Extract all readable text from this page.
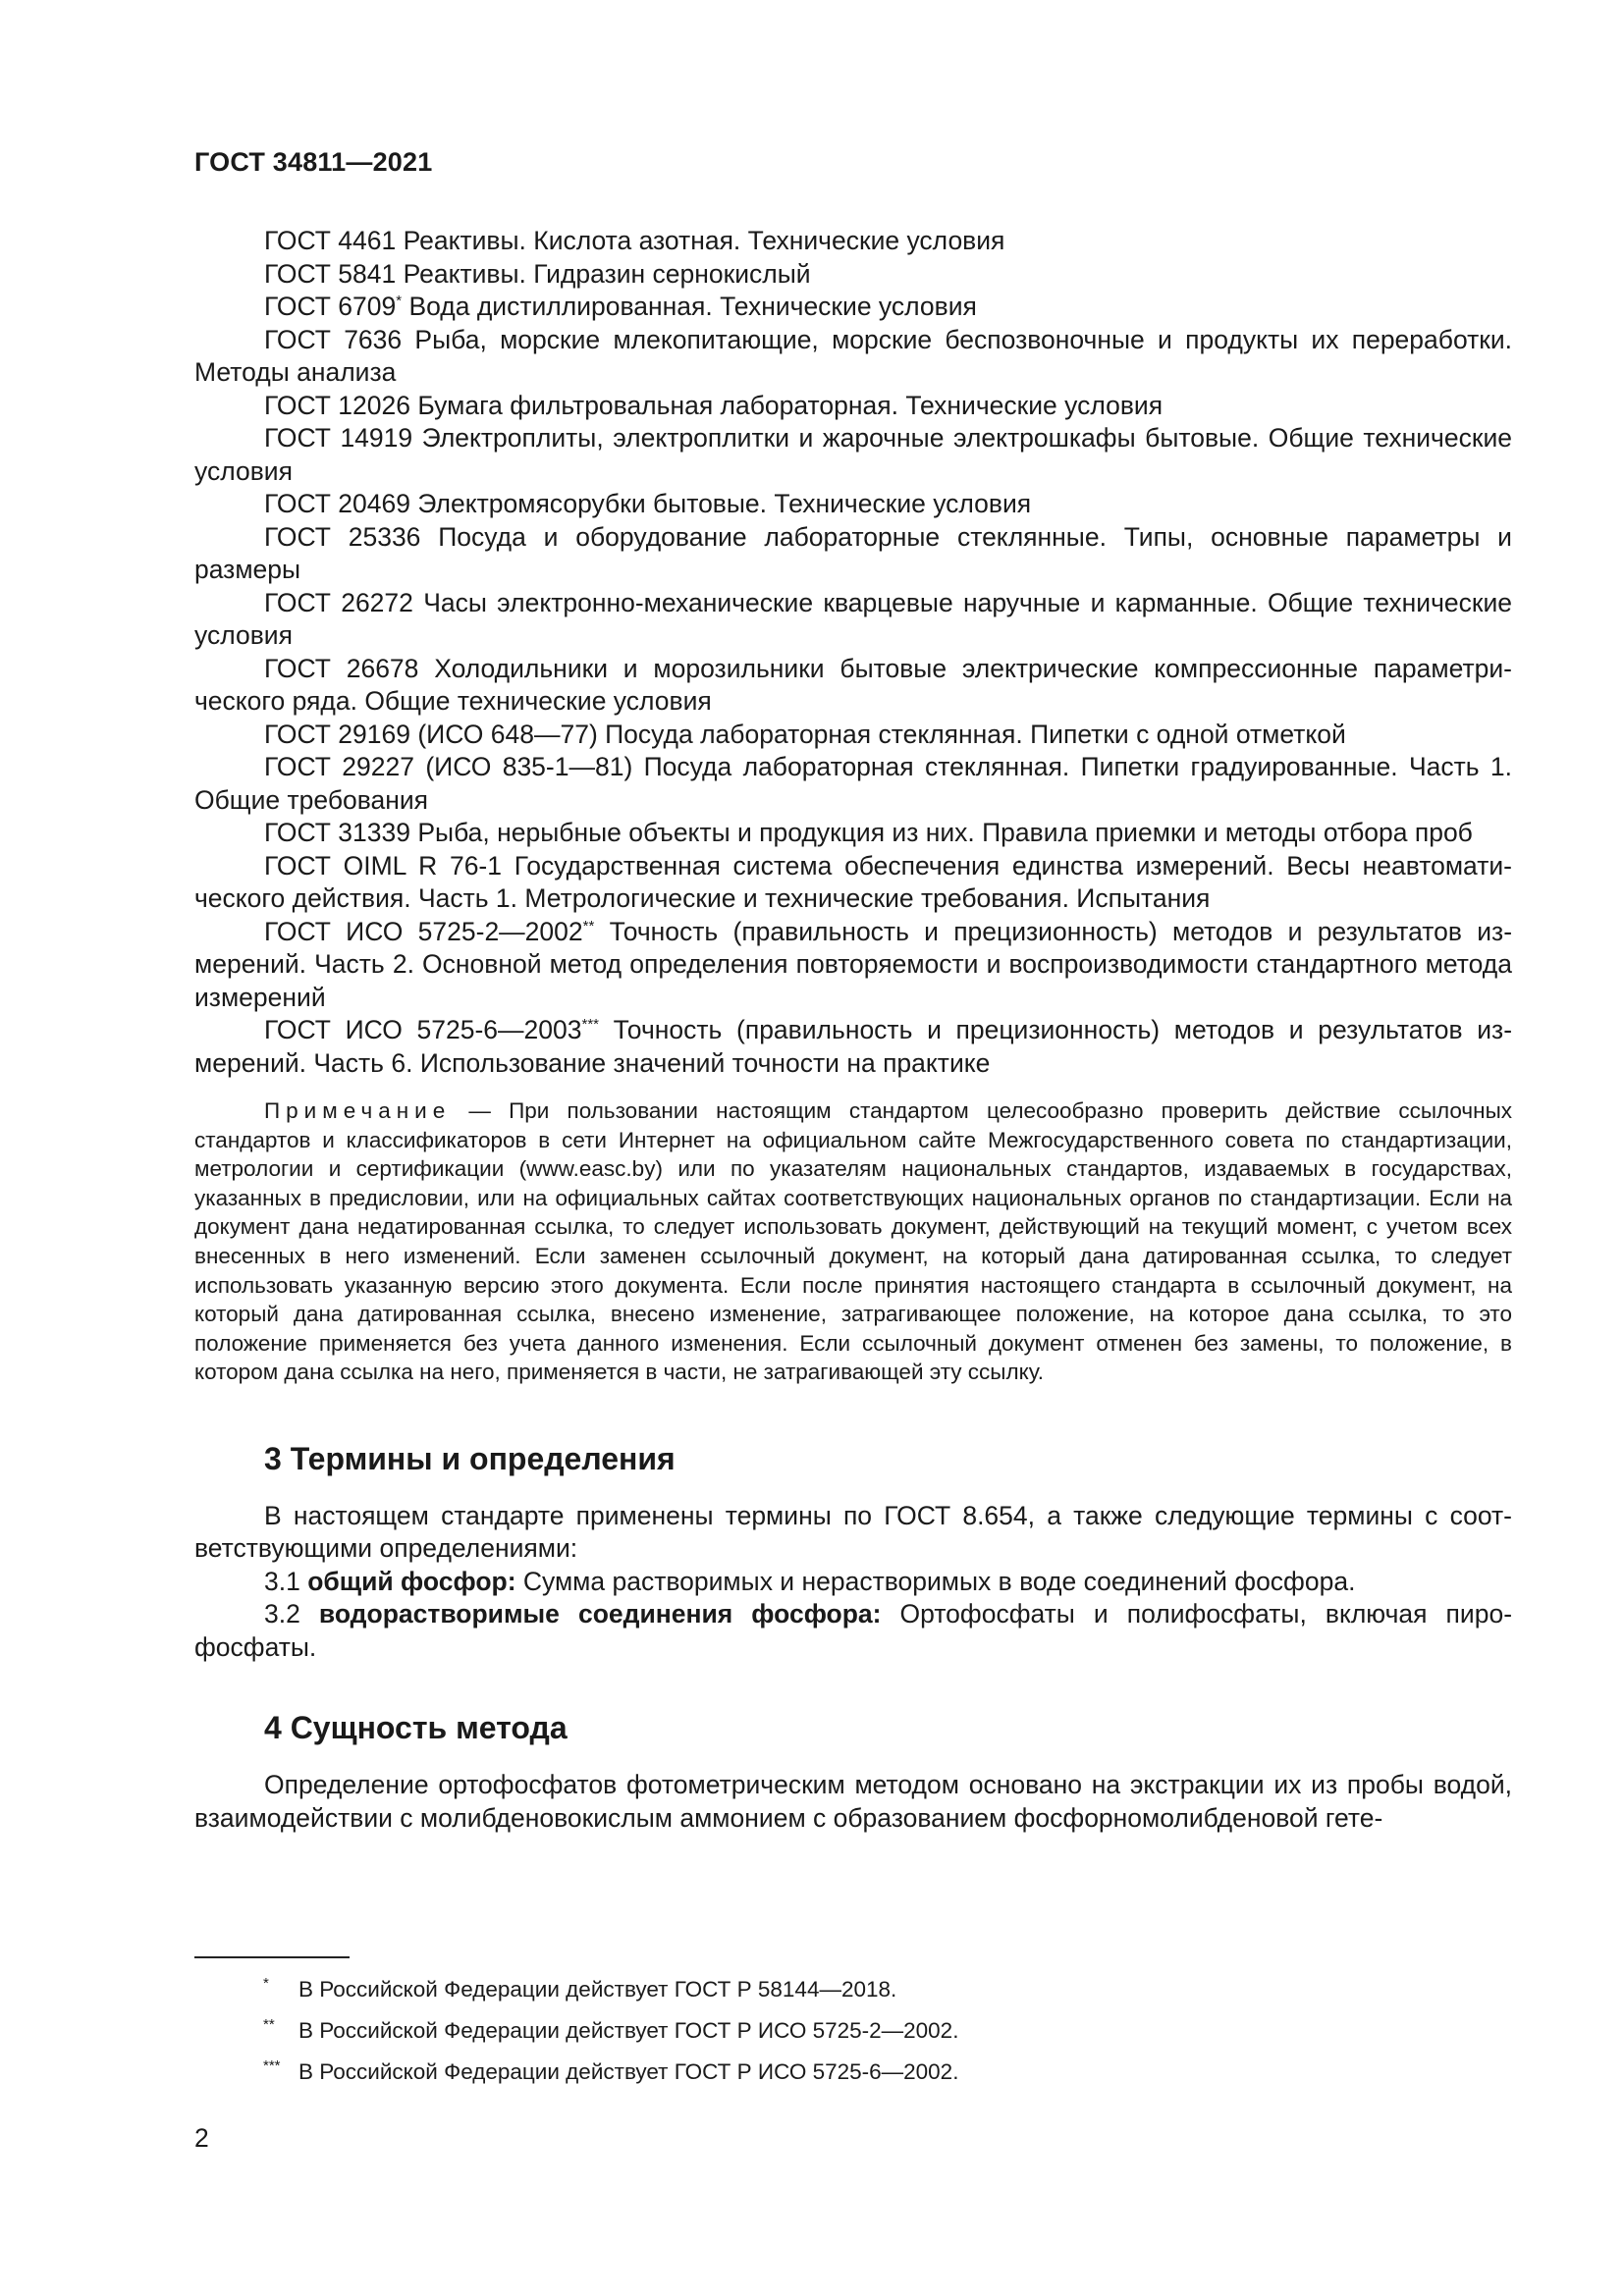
ГОСТ 34811—2021

ГОСТ 4461 Реактивы. Кислота азотная. Технические условия

ГОСТ 5841 Реактивы. Гидразин сернокислый

ГОСТ 6709* Вода дистиллированная. Технические условия

ГОСТ 7636 Рыба, морские млекопитающие, морские беспозвоночные и продукты их переработки. Методы анализа

ГОСТ 12026 Бумага фильтровальная лабораторная. Технические условия

ГОСТ 14919 Электроплиты, электроплитки и жарочные электрошкафы бытовые. Общие технические условия

ГОСТ 20469 Электромясорубки бытовые. Технические условия

ГОСТ 25336 Посуда и оборудование лабораторные стеклянные. Типы, основные параметры и размеры

ГОСТ 26272 Часы электронно-механические кварцевые наручные и карманные. Общие технические условия

ГОСТ 26678 Холодильники и морозильники бытовые электрические компрессионные параметрического ряда. Общие технические условия

ГОСТ 29169 (ИСО 648—77) Посуда лабораторная стеклянная. Пипетки с одной отметкой

ГОСТ 29227 (ИСО 835-1—81) Посуда лабораторная стеклянная. Пипетки градуированные. Часть 1. Общие требования

ГОСТ 31339 Рыба, нерыбные объекты и продукция из них. Правила приемки и методы отбора проб

ГОСТ OIML R 76-1 Государственная система обеспечения единства измерений. Весы неавтоматического действия. Часть 1. Метрологические и технические требования. Испытания

ГОСТ ИСО 5725-2—2002** Точность (правильность и прецизионность) методов и результатов измерений. Часть 2. Основной метод определения повторяемости и воспроизводимости стандартного метода измерений

ГОСТ ИСО 5725-6—2003*** Точность (правильность и прецизионность) методов и результатов измерений. Часть 6. Использование значений точности на практике

Примечание — При пользовании настоящим стандартом целесообразно проверить действие ссылочных стандартов и классификаторов в сети Интернет на официальном сайте Межгосударственного совета по стандартизации, метрологии и сертификации (www.easc.by) или по указателям национальных стандартов, издаваемых в государствах, указанных в предисловии, или на официальных сайтах соответствующих национальных органов по стандартизации. Если на документ дана недатированная ссылка, то следует использовать документ, действующий на текущий момент, с учетом всех внесенных в него изменений. Если заменен ссылочный документ, на который дана датированная ссылка, то следует использовать указанную версию этого документа. Если после принятия настоящего стандарта в ссылочный документ, на который дана датированная ссылка, внесено изменение, затрагивающее положение, на которое дана ссылка, то это положение применяется без учета данного изменения. Если ссылочный документ отменен без замены, то положение, в котором дана ссылка на него, применяется в части, не затрагивающей эту ссылку.

3 Термины и определения

В настоящем стандарте применены термины по ГОСТ 8.654, а также следующие термины с соответствующими определениями:

3.1 общий фосфор: Сумма растворимых и нерастворимых в воде соединений фосфора.

3.2 водорастворимые соединения фосфора: Ортофосфаты и полифосфаты, включая пирофосфаты.

4 Сущность метода

Определение ортофосфатов фотометрическим методом основано на экстракции их из пробы водой, взаимодействии с молибденовокислым аммонием с образованием фосфорномолибденовой гете-

* В Российской Федерации действует ГОСТ Р 58144—2018.
** В Российской Федерации действует ГОСТ Р ИСО 5725-2—2002.
*** В Российской Федерации действует ГОСТ Р ИСО 5725-6—2002.
2
